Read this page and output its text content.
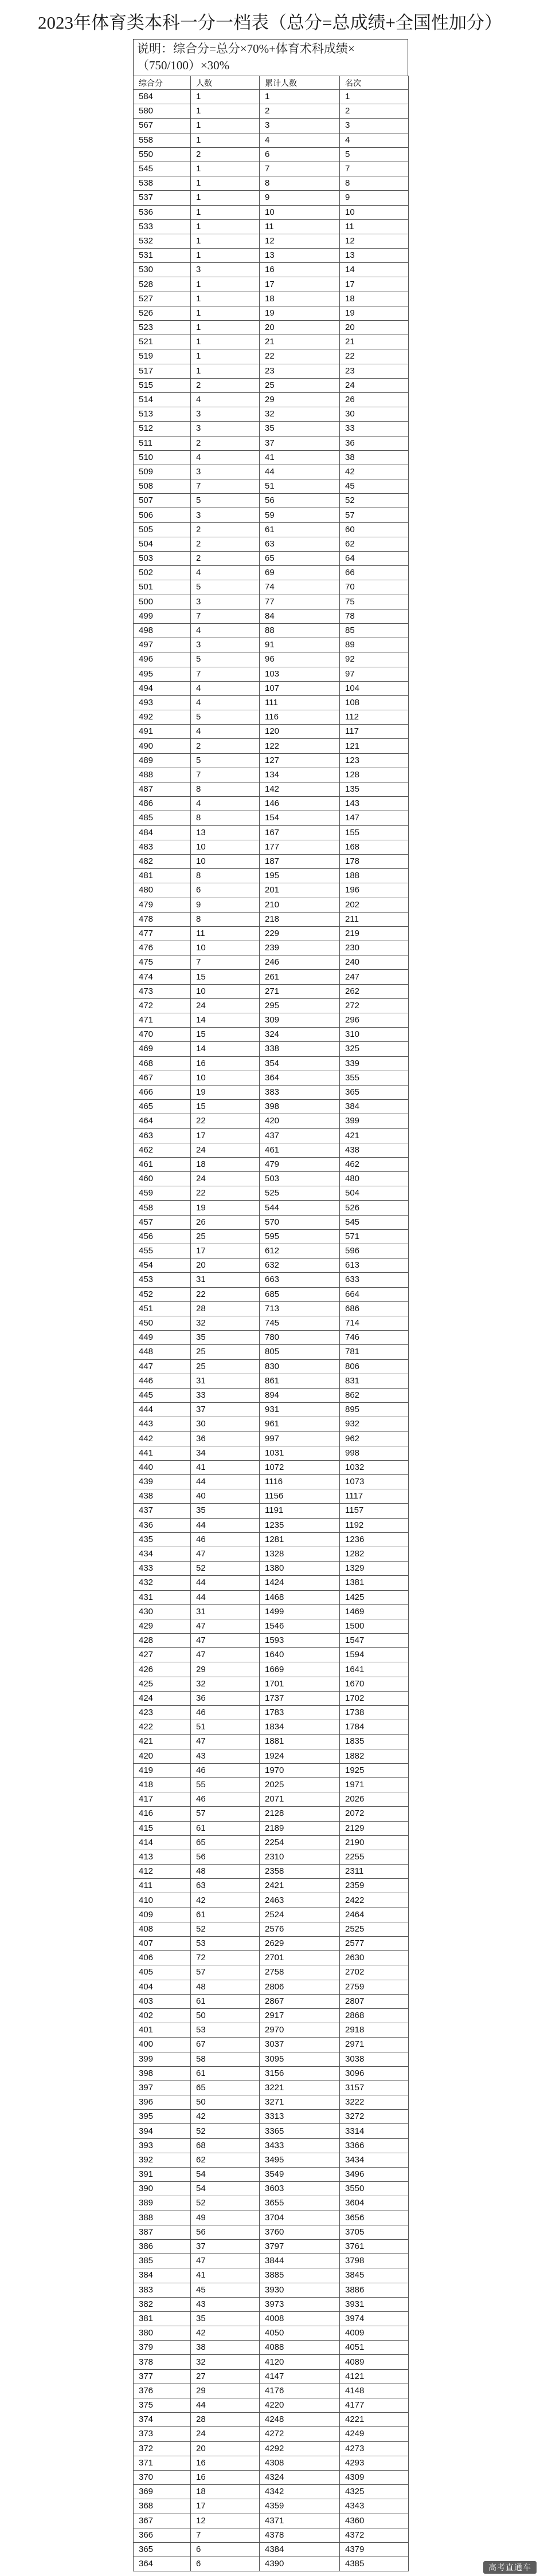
2023年体育类本科一分一档表（总分=总成绩+全国性加分）
说明：综合分=总分×70%+体育术科成绩×（750/100）×30%
综合分	人数	累计人数	名次
584	1	1	1
580	1	2	2
567	1	3	3
558	1	4	4
550	2	6	5
545	1	7	7
538	1	8	8
537	1	9	9
536	1	10	10
533	1	11	11
532	1	12	12
531	1	13	13
530	3	16	14
528	1	17	17
527	1	18	18
526	1	19	19
523	1	20	20
521	1	21	21
519	1	22	22
517	1	23	23
515	2	25	24
514	4	29	26
513	3	32	30
512	3	35	33
511	2	37	36
510	4	41	38
509	3	44	42
508	7	51	45
507	5	56	52
506	3	59	57
505	2	61	60
504	2	63	62
503	2	65	64
502	4	69	66
501	5	74	70
500	3	77	75
499	7	84	78
498	4	88	85
497	3	91	89
496	5	96	92
495	7	103	97
494	4	107	104
493	4	111	108
492	5	116	112
491	4	120	117
490	2	122	121
489	5	127	123
488	7	134	128
487	8	142	135
486	4	146	143
485	8	154	147
484	13	167	155
483	10	177	168
482	10	187	178
481	8	195	188
480	6	201	196
479	9	210	202
478	8	218	211
477	11	229	219
476	10	239	230
475	7	246	240
474	15	261	247
473	10	271	262
472	24	295	272
471	14	309	296
470	15	324	310
469	14	338	325
468	16	354	339
467	10	364	355
466	19	383	365
465	15	398	384
464	22	420	399
463	17	437	421
462	24	461	438
461	18	479	462
460	24	503	480
459	22	525	504
458	19	544	526
457	26	570	545
456	25	595	571
455	17	612	596
454	20	632	613
453	31	663	633
452	22	685	664
451	28	713	686
450	32	745	714
449	35	780	746
448	25	805	781
447	25	830	806
446	31	861	831
445	33	894	862
444	37	931	895
443	30	961	932
442	36	997	962
441	34	1031	998
440	41	1072	1032
439	44	1116	1073
438	40	1156	1117
437	35	1191	1157
436	44	1235	1192
435	46	1281	1236
434	47	1328	1282
433	52	1380	1329
432	44	1424	1381
431	44	1468	1425
430	31	1499	1469
429	47	1546	1500
428	47	1593	1547
427	47	1640	1594
426	29	1669	1641
425	32	1701	1670
424	36	1737	1702
423	46	1783	1738
422	51	1834	1784
421	47	1881	1835
420	43	1924	1882
419	46	1970	1925
418	55	2025	1971
417	46	2071	2026
416	57	2128	2072
415	61	2189	2129
414	65	2254	2190
413	56	2310	2255
412	48	2358	2311
411	63	2421	2359
410	42	2463	2422
409	61	2524	2464
408	52	2576	2525
407	53	2629	2577
406	72	2701	2630
405	57	2758	2702
404	48	2806	2759
403	61	2867	2807
402	50	2917	2868
401	53	2970	2918
400	67	3037	2971
399	58	3095	3038
398	61	3156	3096
397	65	3221	3157
396	50	3271	3222
395	42	3313	3272
394	52	3365	3314
393	68	3433	3366
392	62	3495	3434
391	54	3549	3496
390	54	3603	3550
389	52	3655	3604
388	49	3704	3656
387	56	3760	3705
386	37	3797	3761
385	47	3844	3798
384	41	3885	3845
383	45	3930	3886
382	43	3973	3931
381	35	4008	3974
380	42	4050	4009
379	38	4088	4051
378	32	4120	4089
377	27	4147	4121
376	29	4176	4148
375	44	4220	4177
374	28	4248	4221
373	24	4272	4249
372	20	4292	4273
371	16	4308	4293
370	16	4324	4309
369	18	4342	4325
368	17	4359	4343
367	12	4371	4360
366	7	4378	4372
365	6	4384	4379
364	6	4390	4385	高考直通车
